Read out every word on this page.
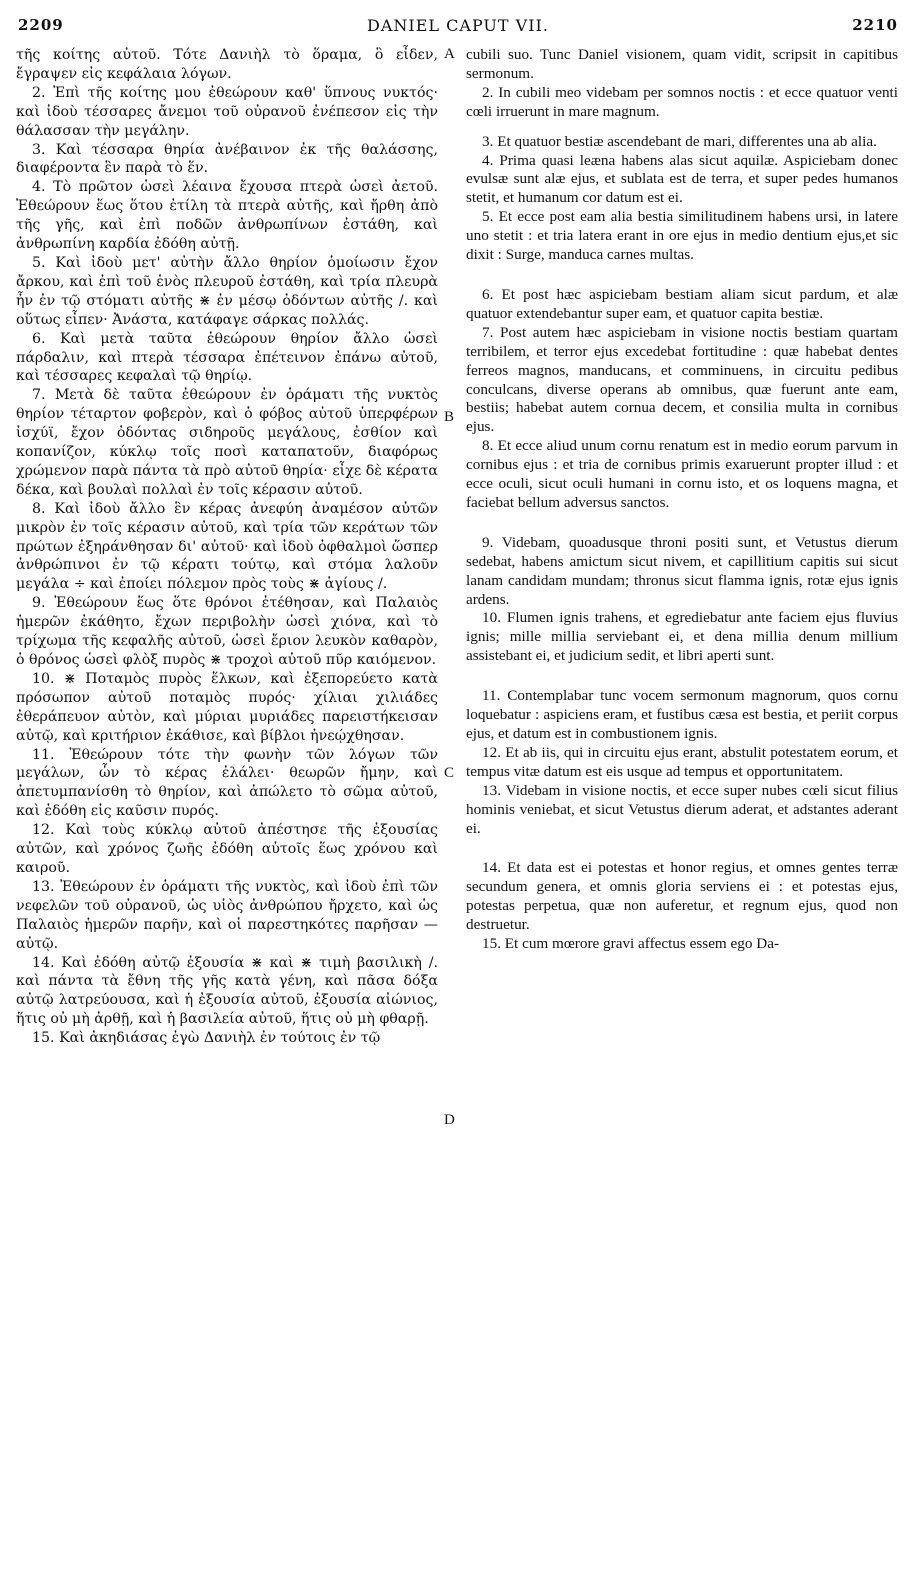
2209	DANIEL CAPUT VII.	2210
A
B
C
D

τῆς κοίτης αὐτοῦ. Τότε Δανιὴλ τὸ ὅραμα, ὃ εἶδεν, ἔγραψεν εἰς κεφάλαια λόγων.

2. Ἐπὶ τῆς κοίτης μου ἐθεώρουν καθ' ὕπνους νυκτός· καὶ ἰδοὺ τέσσαρες ἄνεμοι τοῦ οὐρανοῦ ἐνέπεσον εἰς τὴν θάλασσαν τὴν μεγάλην.

3. Καὶ τέσσαρα θηρία ἀνέβαινον ἐκ τῆς θαλάσσης, διαφέροντα ἓν παρὰ τὸ ἕν.

4. Τὸ πρῶτον ὡσεὶ λέαινα ἔχουσα πτερὰ ὡσεὶ ἀετοῦ. Ἐθεώρουν ἕως ὅτου ἐτίλη τὰ πτερὰ αὐτῆς, καὶ ἤρθη ἀπὸ τῆς γῆς, καὶ ἐπὶ ποδῶν ἀνθρωπίνων ἐστάθη, καὶ ἀνθρωπίνη καρδία ἐδόθη αὐτῇ.

5. Καὶ ἰδοὺ μετ' αὐτὴν ἄλλο θηρίον ὁμοίωσιν ἔχον ἄρκου, καὶ ἐπὶ τοῦ ἑνὸς πλευροῦ ἐστάθη, καὶ τρία πλευρὰ ἦν ἐν τῷ στόματι αὐτῆς ⋇ ἐν μέσῳ ὀδόντων αὐτῆς /. καὶ οὕτως εἶπεν· Ἀνάστα, κατάφαγε σάρκας πολλάς.

6. Καὶ μετὰ ταῦτα ἐθεώρουν θηρίον ἄλλο ὡσεὶ πάρδαλιν, καὶ πτερὰ τέσσαρα ἐπέτεινον ἐπάνω αὐτοῦ, καὶ τέσσαρες κεφαλαὶ τῷ θηρίῳ.

7. Μετὰ δὲ ταῦτα ἐθεώρουν ἐν ὁράματι τῆς νυκτὸς θηρίον τέταρτον φοβερὸν, καὶ ὁ φόβος αὐτοῦ ὑπερφέρων ἰσχύϊ, ἔχον ὀδόντας σιδηροῦς μεγάλους, ἐσθίον καὶ κοπανίζον, κύκλῳ τοῖς ποσὶ καταπατοῦν, διαφόρως χρώμενον παρὰ πάντα τὰ πρὸ αὐτοῦ θηρία· εἶχε δὲ κέρατα δέκα, καὶ βουλαὶ πολλαὶ ἐν τοῖς κέρασιν αὐτοῦ.

8. Καὶ ἰδοὺ ἄλλο ἓν κέρας ἀνεφύη ἀναμέσον αὐτῶν μικρὸν ἐν τοῖς κέρασιν αὐτοῦ, καὶ τρία τῶν κεράτων τῶν πρώτων ἐξηράνθησαν δι' αὐτοῦ· καὶ ἰδοὺ ὀφθαλμοὶ ὥσπερ ἀνθρώπινοι ἐν τῷ κέρατι τούτῳ, καὶ στόμα λαλοῦν μεγάλα ÷ καὶ ἐποίει πόλεμον πρὸς τοὺς ⋇ ἁγίους /.

9. Ἐθεώρουν ἕως ὅτε θρόνοι ἐτέθησαν, καὶ Παλαιὸς ἡμερῶν ἐκάθητο, ἔχων περιβολὴν ὡσεὶ χιόνα, καὶ τὸ τρίχωμα τῆς κεφαλῆς αὐτοῦ, ὡσεὶ ἔριον λευκὸν καθαρὸν, ὁ θρόνος ὡσεὶ φλὸξ πυρὸς ⋇ τροχοὶ αὐτοῦ πῦρ καιόμενον.

10. ⋇ Ποταμὸς πυρὸς ἕλκων, καὶ ἐξεπορεύετο κατὰ πρόσωπον αὐτοῦ ποταμὸς πυρός· χίλιαι χιλιάδες ἐθεράπευον αὐτὸν, καὶ μύριαι μυριάδες παρειστήκεισαν αὐτῷ, καὶ κριτήριον ἐκάθισε, καὶ βίβλοι ἠνεῴχθησαν.

11. Ἐθεώρουν τότε τὴν φωνὴν τῶν λόγων τῶν μεγάλων, ὧν τὸ κέρας ἐλάλει· θεωρῶν ἤμην, καὶ ἀπετυμπανίσθη τὸ θηρίον, καὶ ἀπώλετο τὸ σῶμα αὐτοῦ, καὶ ἐδόθη εἰς καῦσιν πυρός.

12. Καὶ τοὺς κύκλῳ αὐτοῦ ἀπέστησε τῆς ἐξουσίας αὐτῶν, καὶ χρόνος ζωῆς ἐδόθη αὐτοῖς ἕως χρόνου καὶ καιροῦ.

13. Ἐθεώρουν ἐν ὁράματι τῆς νυκτὸς, καὶ ἰδοὺ ἐπὶ τῶν νεφελῶν τοῦ οὐρανοῦ, ὡς υἱὸς ἀνθρώπου ἤρχετο, καὶ ὡς Παλαιὸς ἡμερῶν παρῆν, καὶ οἱ παρεστηκότες παρῆσαν — αὐτῷ.

14. Καὶ ἐδόθη αὐτῷ ἐξουσία ⋇ καὶ ⋇ τιμὴ βασιλικὴ /. καὶ πάντα τὰ ἔθνη τῆς γῆς κατὰ γένη, καὶ πᾶσα δόξα αὐτῷ λατρεύουσα, καὶ ἡ ἐξουσία αὐτοῦ, ἐξουσία αἰώνιος, ἥτις οὐ μὴ ἀρθῇ, καὶ ἡ βασιλεία αὐτοῦ, ἥτις οὐ μὴ φθαρῇ.

15. Καὶ ἀκηδιάσας ἐγὼ Δανιὴλ ἐν τούτοις ἐν τῷ

cubili suo. Tunc Daniel visionem, quam vidit, scripsit in capitibus sermonum.

2. In cubili meo videbam per somnos noctis : et ecce quatuor venti cœli irruerunt in mare magnum.

3. Et quatuor bestiæ ascendebant de mari, differentes una ab alia.

4. Prima quasi leæna habens alas sicut aquilæ. Aspiciebam donec evulsæ sunt alæ ejus, et sublata est de terra, et super pedes humanos stetit, et humanum cor datum est ei.

5. Et ecce post eam alia bestia similitudinem habens ursi, in latere uno stetit : et tria latera erant in ore ejus in medio dentium ejus,et sic dixit : Surge, manduca carnes multas.

6. Et post hæc aspiciebam bestiam aliam sicut pardum, et alæ quatuor extendebantur super eam, et quatuor capita bestiæ.

7. Post autem hæc aspiciebam in visione noctis bestiam quartam terribilem, et terror ejus excedebat fortitudine : quæ habebat dentes ferreos magnos, manducans, et comminuens, in circuitu pedibus conculcans, diverse operans ab omnibus, quæ fuerunt ante eam, bestiis; habebat autem cornua decem, et consilia multa in cornibus ejus.

8. Et ecce aliud unum cornu renatum est in medio eorum parvum in cornibus ejus : et tria de cornibus primis exaruerunt propter illud : et ecce oculi, sicut oculi humani in cornu isto, et os loquens magna, et faciebat bellum adversus sanctos.

9. Videbam, quoadusque throni positi sunt, et Vetustus dierum sedebat, habens amictum sicut nivem, et capillitium capitis sui sicut lanam candidam mundam; thronus sicut flamma ignis, rotæ ejus ignis ardens.

10. Flumen ignis trahens, et egrediebatur ante faciem ejus fluvius ignis; mille millia serviebant ei, et dena millia denum millium assistebant ei, et judicium sedit, et libri aperti sunt.

11. Contemplabar tunc vocem sermonum magnorum, quos cornu loquebatur : aspiciens eram, et fustibus cæsa est bestia, et periit corpus ejus, et datum est in combustionem ignis.

12. Et ab iis, qui in circuitu ejus erant, abstulit potestatem eorum, et tempus vitæ datum est eis usque ad tempus et opportunitatem.

13. Videbam in visione noctis, et ecce super nubes cœli sicut filius hominis veniebat, et sicut Vetustus dierum aderat, et adstantes aderant ei.

14. Et data est ei potestas et honor regius, et omnes gentes terræ secundum genera, et omnis gloria serviens ei : et potestas ejus, potestas perpetua, quæ non auferetur, et regnum ejus, quod non destruetur.

15. Et cum mœrore gravi affectus essem ego Da-
